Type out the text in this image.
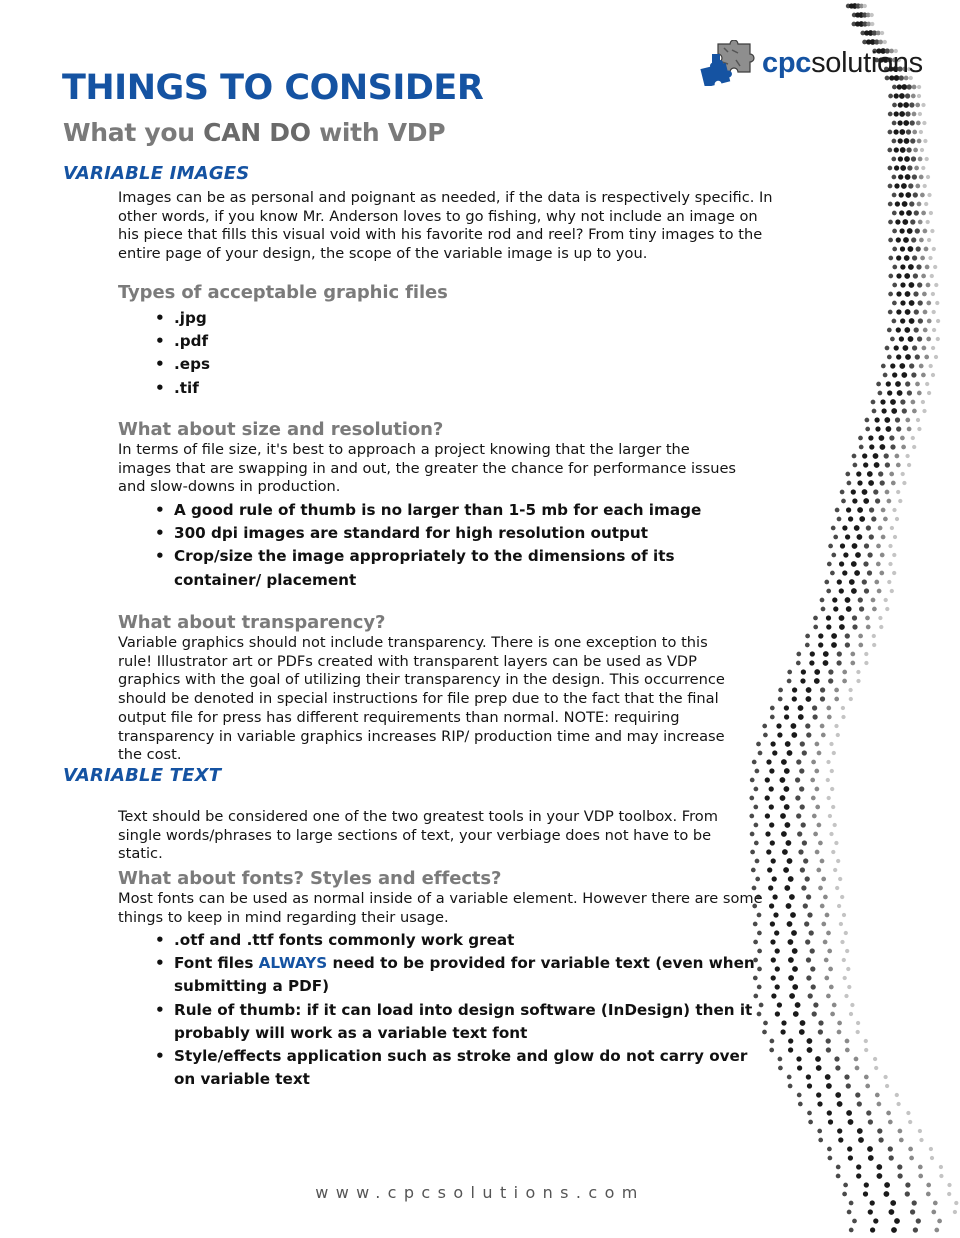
cpcsolutions
THINGS TO CONSIDER
What you CAN DO with VDP
VARIABLE IMAGES

Images can be as personal and poignant as needed, if the data is respectively specific. In other words, if you know Mr. Anderson loves to go fishing, why not include an image on his piece that fills this visual void with his favorite rod and reel? From tiny images to the entire page of your design, the scope of the variable image is up to you.

Types of acceptable graphic files
• .jpg
• .pdf
• .eps
• .tif
What about size and resolution?

In terms of file size, it's best to approach a project knowing that the larger the images that are swapping in and out, the greater the chance for performance issues and slow-downs in production.

• A good rule of thumb is no larger than 1-5 mb for each image
• 300 dpi images are standard for high resolution output
• Crop/size the image appropriately to the dimensions of its container/ placement
What about transparency?

Variable graphics should not include transparency. There is one exception to this rule! Illustrator art or PDFs created with transparent layers can be used as VDP graphics with the goal of utilizing their transparency in the design. This occurrence should be denoted in special instructions for file prep due to the fact that the final output file for press has different requirements than normal. NOTE: requiring transparency in variable graphics increases RIP/ production time and may increase the cost.

VARIABLE TEXT

Text should be considered one of the two greatest tools in your VDP toolbox. From single words/phrases to large sections of text, your verbiage does not have to be static.

What about fonts? Styles and effects?

Most fonts can be used as normal inside of a variable element. However there are some things to keep in mind regarding their usage.

• .otf and .ttf fonts commonly work great
• Font files ALWAYS need to be provided for variable text (even when submitting a PDF)
• Rule of thumb: if it can load into design software (InDesign) then it probably will work as a variable text font
• Style/effects application such as stroke and glow do not carry over on variable text
www.cpcsolutions.com
